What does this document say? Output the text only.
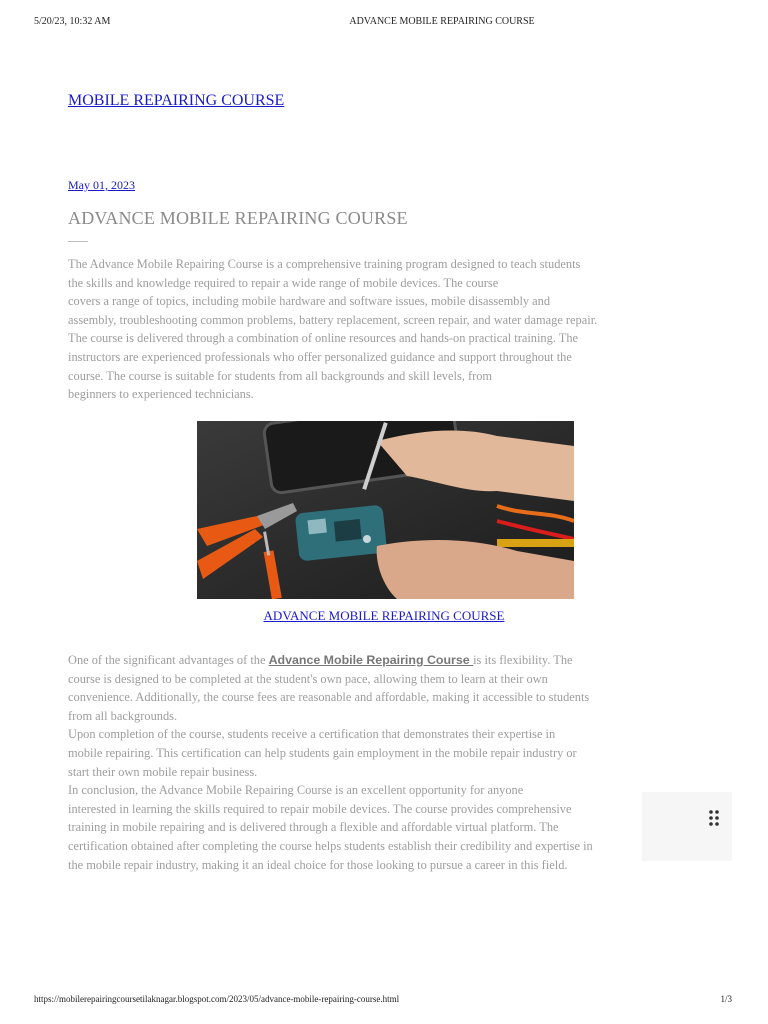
5/20/23, 10:32 AM	ADVANCE MOBILE REPAIRING COURSE
MOBILE REPAIRING COURSE
May 01, 2023
ADVANCE MOBILE REPAIRING COURSE
The Advance Mobile Repairing Course is a comprehensive training program designed to teach students
the skills and knowledge required to repair a wide range of mobile devices. The course
covers a range of topics, including mobile hardware and software issues, mobile disassembly and
assembly, troubleshooting common problems, battery replacement, screen repair, and water damage repair.
The course is delivered through a combination of online resources and hands-on practical training. The
instructors are experienced professionals who offer personalized guidance and support throughout the
course. The course is suitable for students from all backgrounds and skill levels, from
beginners to experienced technicians.
ADVANCE MOBILE REPAIRING COURSE
One of the significant advantages of the Advance Mobile Repairing Course is its flexibility. The
course is designed to be completed at the student's own pace, allowing them to learn at their own
convenience. Additionally, the course fees are reasonable and affordable, making it accessible to students
from all backgrounds.
Upon completion of the course, students receive a certification that demonstrates their expertise in
mobile repairing. This certification can help students gain employment in the mobile repair industry or
start their own mobile repair business.
In conclusion, the Advance Mobile Repairing Course is an excellent opportunity for anyone
interested in learning the skills required to repair mobile devices. The course provides comprehensive
training in mobile repairing and is delivered through a flexible and affordable virtual platform. The
certification obtained after completing the course helps students establish their credibility and expertise in
the mobile repair industry, making it an ideal choice for those looking to pursue a career in this field.
https://mobilerepairingcoursetilaknagar.blogspot.com/2023/05/advance-mobile-repairing-course.html	1/3
